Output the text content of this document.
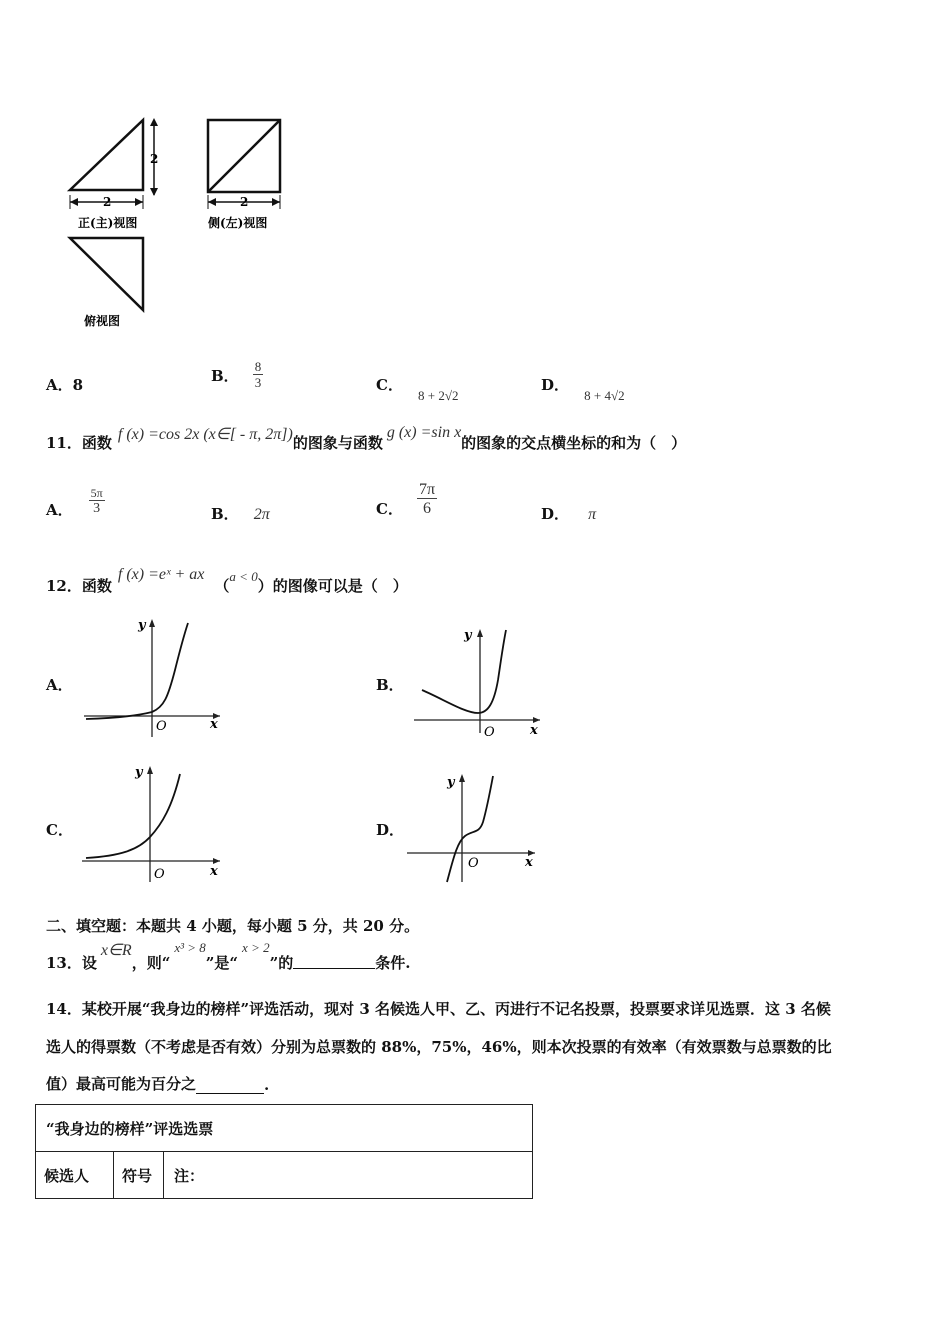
2
2
正(主)视图
2
侧(左)视图
俯视图
A．8
B． $\frac{8}{3}$	C． $_{8 + 2√2}$
D． $_{8 + 4√2}$
11． 函数 f (x) =cos 2x (x∈[ - π, 2π]) 的图象与函数
g (x) =sin x
的图象的交点横坐标的和为（　）
A． $\frac{5\pi}{3}$	B． 2π	C． $\frac{7\pi}{6}$	D． π
12． 函数
f (x) =eˣ + ax
（
a < 0
）的图像可以是（　）
A．	B．
C．	D．
y
x
O
y
x
O
y
x
O
y
x
O
二、填空题：本题共 4 小题，每小题 5 分，共 20 分。
13．设
x∈R
，则“
x³ > 8
”是“
x > 2
”的	条件.
14．某校开展“我身边的榜样”评选活动，现对 3 名候选人甲、乙、丙进行不记名投票，投票要求详见选票．这 3 名候
选人的得票数（不考虑是否有效）分别为总票数的 88%，75%，46%，则本次投票的有效率（有效票数与总票数的比
值）最高可能为百分之	.
“我身边的榜样”评选选票
候选人	符号	注：
